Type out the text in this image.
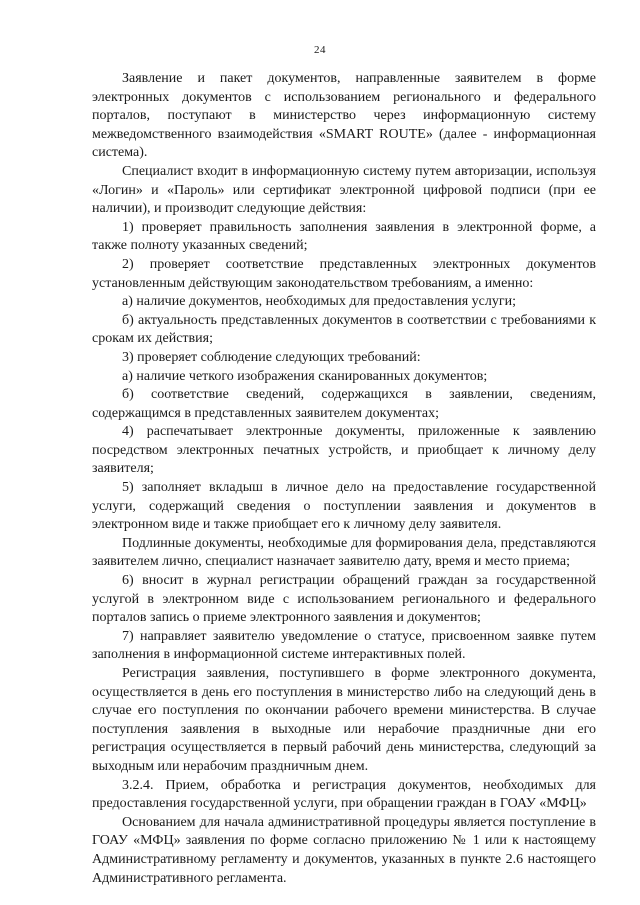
24

Заявление и пакет документов, направленные заявителем в форме электронных документов с использованием регионального и федерального порталов, поступают в министерство через информационную систему межведомственного взаимодействия «SMART ROUTE» (далее - информационная система).

Специалист входит в информационную систему путем авторизации, используя «Логин» и «Пароль» или сертификат электронной цифровой подписи (при ее наличии), и производит следующие действия:

1) проверяет правильность заполнения заявления в электронной форме, а также полноту указанных сведений;

2) проверяет соответствие представленных электронных документов установленным действующим законодательством требованиям, а именно:

а) наличие документов, необходимых для предоставления услуги;

б) актуальность представленных документов в соответствии с требованиями к срокам их действия;

3) проверяет соблюдение следующих требований:

а) наличие четкого изображения сканированных документов;

б) соответствие сведений, содержащихся в заявлении, сведениям, содержащимся в представленных заявителем документах;

4) распечатывает электронные документы, приложенные к заявлению посредством электронных печатных устройств, и приобщает к личному делу заявителя;

5) заполняет вкладыш в личное дело на предоставление государственной услуги, содержащий сведения о поступлении заявления и документов в электронном виде и также приобщает его к личному делу заявителя.

Подлинные документы, необходимые для формирования дела, представляются заявителем лично, специалист назначает заявителю дату, время и место приема;

6) вносит в журнал регистрации обращений граждан за государственной услугой в электронном виде с использованием регионального и федерального порталов запись о приеме электронного заявления и документов;

7) направляет заявителю уведомление о статусе, присвоенном заявке путем заполнения в информационной системе интерактивных полей.

Регистрация заявления, поступившего в форме электронного документа, осуществляется в день его поступления в министерство либо на следующий день в случае его поступления по окончании рабочего времени министерства. В случае поступления заявления в выходные или нерабочие праздничные дни его регистрация осуществляется в первый рабочий день министерства, следующий за выходным или нерабочим праздничным днем.

3.2.4. Прием, обработка и регистрация документов, необходимых для предоставления государственной услуги, при обращении граждан в ГОАУ «МФЦ»

Основанием для начала административной процедуры является поступление в ГОАУ «МФЦ» заявления по форме согласно приложению № 1 или к настоящему Административному регламенту и документов, указанных в пункте 2.6 настоящего Административного регламента.
